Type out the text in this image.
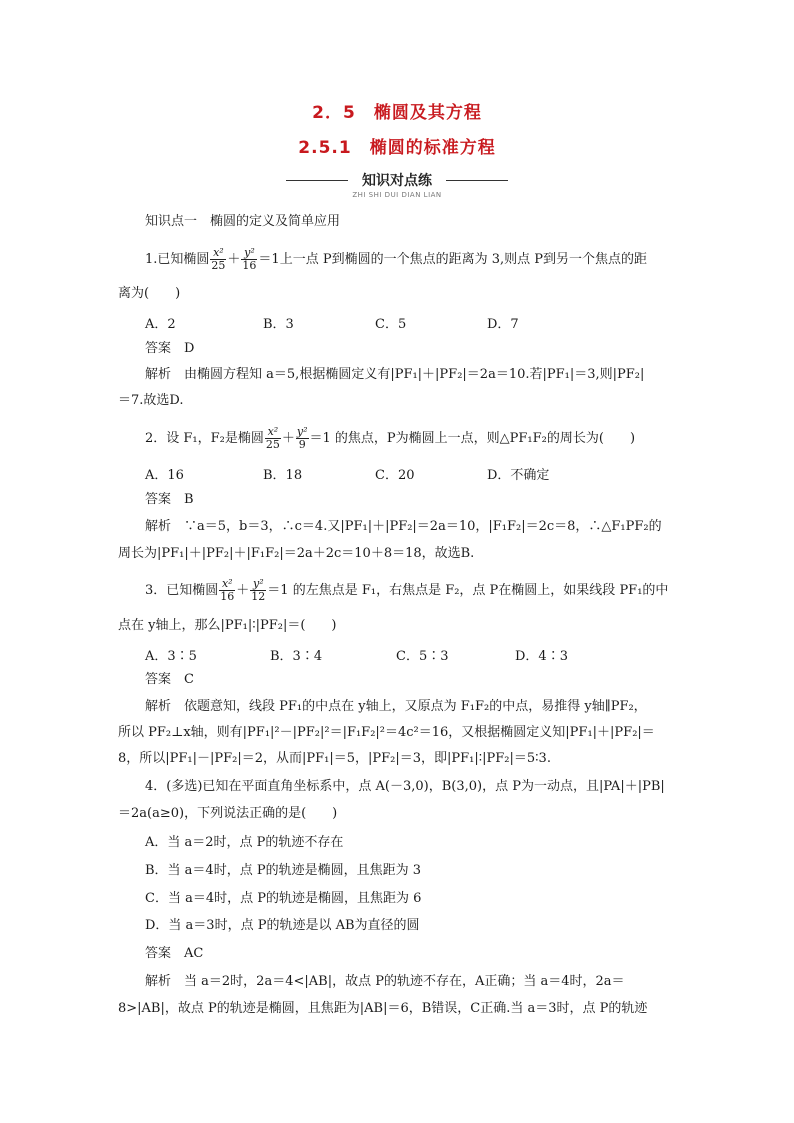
2．5　椭圆及其方程
2.5.1　椭圆的标准方程
知识对点练
ZHI SHI DUI DIAN LIAN
知识点一　椭圆的定义及简单应用
1.已知椭圆 $\frac{\text{x²}}{25} + \frac{\text{y²}}{16} =1$上一点 P到椭圆的一个焦点的距离为 3,则点 P到另一个焦点的距
离为(　　)
A．2	B．3	C．5	D．7
答案　 D
解析　 由椭圆方程知 a＝5,根据椭圆定义有|PF₁|＋|PF₂|＝2a＝10.若|PF₁|＝3,则|PF₂|
＝7.故选D.
2．设 F₁，F₂是椭圆 $\frac{\text{x²}}{25} + \frac{\text{y²}}{9} =1$ 的焦点，P为椭圆上一点，则△PF₁F₂的周长为(　　)
A．16	B．18	C．20	D．不确定
答案　 B
解析　 ∵a＝5，b＝3，∴c＝4.又|PF₁|＋|PF₂|＝2a＝10，|F₁F₂|＝2c＝8，∴△F₁PF₂的
周长为|PF₁|＋|PF₂|＋|F₁F₂|＝2a＋2c＝10＋8＝18，故选B.
3．已知椭圆 $\frac{\text{x²}}{16} + \frac{\text{y²}}{12} =1$ 的左焦点是 F₁，右焦点是 F₂，点 P在椭圆上，如果线段 PF₁的中
点在 y轴上，那么|PF₁|∶|PF₂|＝(　　)
A．3∶5	B．3∶4	C．5∶3	D．4∶3
答案　 C
解析　 依题意知，线段 PF₁的中点在 y轴上，又原点为 F₁F₂的中点，易推得 y轴∥PF₂，
所以 PF₂⊥x轴，则有|PF₁|²－|PF₂|²＝|F₁F₂|²＝4c²＝16，又根据椭圆定义知|PF₁|＋|PF₂|＝
8，所以|PF₁|－|PF₂|＝2，从而|PF₁|＝5，|PF₂|＝3，即|PF₁|∶|PF₂|＝5∶3.
4．(多选)已知在平面直角坐标系中，点 A(－3,0)，B(3,0)，点 P为一动点，且|PA|＋|PB|
＝2a(a≥0)，下列说法正确的是(　　)
A．当 a＝2时，点 P的轨迹不存在
B．当 a＝4时，点 P的轨迹是椭圆，且焦距为 3
C．当 a＝4时，点 P的轨迹是椭圆，且焦距为 6
D．当 a＝3时，点 P的轨迹是以 AB为直径的圆
答案　 AC
解析　 当 a＝2时，2a＝4<|AB|，故点 P的轨迹不存在，A正确；当 a＝4时，2a＝
8>|AB|，故点 P的轨迹是椭圆，且焦距为|AB|＝6，B错误，C正确.当 a＝3时，点 P的轨迹
